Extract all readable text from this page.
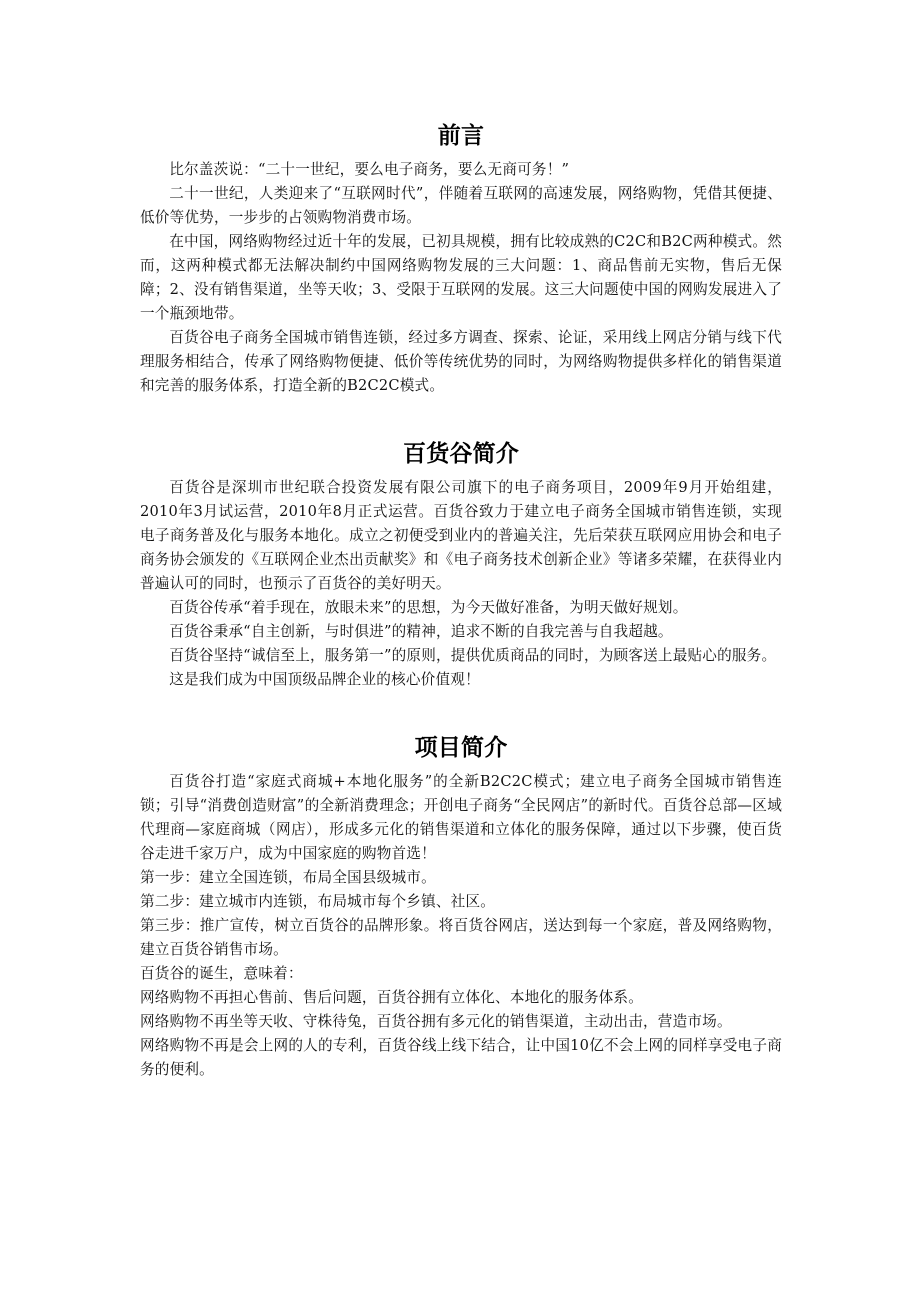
前言

比尔盖茨说：“二十一世纪，要么电子商务，要么无商可务！”

二十一世纪，人类迎来了“互联网时代”，伴随着互联网的高速发展，网络购物，凭借其便捷、低价等优势，一步步的占领购物消费市场。

在中国，网络购物经过近十年的发展，已初具规模，拥有比较成熟的C2C和B2C两种模式。然而，这两种模式都无法解决制约中国网络购物发展的三大问题：1、商品售前无实物，售后无保障；2、没有销售渠道，坐等天收；3、受限于互联网的发展。这三大问题使中国的网购发展进入了一个瓶颈地带。

百货谷电子商务全国城市销售连锁，经过多方调查、探索、论证，采用线上网店分销与线下代理服务相结合，传承了网络购物便捷、低价等传统优势的同时，为网络购物提供多样化的销售渠道和完善的服务体系，打造全新的B2C2C模式。

百货谷简介

百货谷是深圳市世纪联合投资发展有限公司旗下的电子商务项目，2009年9月开始组建，2010年3月试运营，2010年8月正式运营。百货谷致力于建立电子商务全国城市销售连锁，实现电子商务普及化与服务本地化。成立之初便受到业内的普遍关注，先后荣获互联网应用协会和电子商务协会颁发的《互联网企业杰出贡献奖》和《电子商务技术创新企业》等诸多荣耀，在获得业内普遍认可的同时，也预示了百货谷的美好明天。

百货谷传承“着手现在，放眼未来”的思想，为今天做好准备，为明天做好规划。

百货谷秉承“自主创新，与时俱进”的精神，追求不断的自我完善与自我超越。

百货谷坚持“诚信至上，服务第一”的原则，提供优质商品的同时，为顾客送上最贴心的服务。

这是我们成为中国顶级品牌企业的核心价值观！

项目简介

百货谷打造“家庭式商城+本地化服务”的全新B2C2C模式；建立电子商务全国城市销售连锁；引导“消费创造财富”的全新消费理念；开创电子商务“全民网店”的新时代。百货谷总部—区域代理商—家庭商城（网店），形成多元化的销售渠道和立体化的服务保障，通过以下步骤，使百货谷走进千家万户，成为中国家庭的购物首选！

第一步：建立全国连锁，布局全国县级城市。

第二步：建立城市内连锁，布局城市每个乡镇、社区。

第三步：推广宣传，树立百货谷的品牌形象。将百货谷网店，送达到每一个家庭，普及网络购物，建立百货谷销售市场。

百货谷的诞生，意味着：

网络购物不再担心售前、售后问题，百货谷拥有立体化、本地化的服务体系。

网络购物不再坐等天收、守株待兔，百货谷拥有多元化的销售渠道，主动出击，营造市场。

网络购物不再是会上网的人的专利，百货谷线上线下结合，让中国10亿不会上网的同样享受电子商务的便利。
